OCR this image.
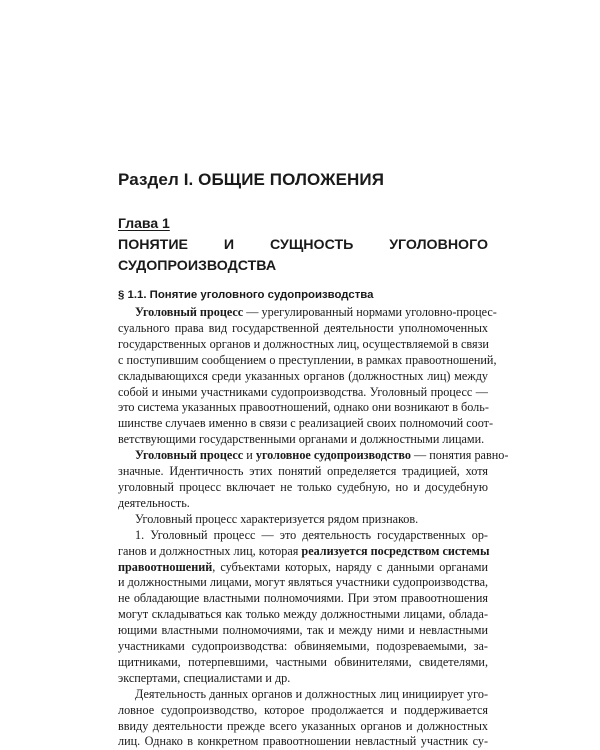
Раздел I. ОБЩИЕ ПОЛОЖЕНИЯ
Глава 1
ПОНЯТИЕ И СУЩНОСТЬ УГОЛОВНОГО
СУДОПРОИЗВОДСТВА
§ 1.1. Понятие уголовного судопроизводства

Уголовный процесс — урегулированный нормами уголовно-процес-
суального права вид государственной деятельности уполномоченных
государственных органов и должностных лиц, осуществляемой в связи
с поступившим сообщением о преступлении, в рамках правоотношений,
складывающихся среди указанных органов (должностных лиц) между
собой и иными участниками судопроизводства. Уголовный процесс —
это система указанных правоотношений, однако они возникают в боль-
шинстве случаев именно в связи с реализацией своих полномочий соот-
ветствующими государственными органами и должностными лицами.

Уголовный процесс и уголовное судопроизводство — понятия равно-
значные. Идентичность этих понятий определяется традицией, хотя
уголовный процесс включает не только судебную, но и досудебную
деятельность.

Уголовный процесс характеризуется рядом признаков.

1. Уголовный процесс — это деятельность государственных ор-
ганов и должностных лиц, которая реализуется посредством системы
правоотношений, субъектами которых, наряду с данными органами
и должностными лицами, могут являться участники судопроизводства,
не обладающие властными полномочиями. При этом правоотношения
могут складываться как только между должностными лицами, облада-
ющими властными полномочиями, так и между ними и невластными
участниками судопроизводства: обвиняемыми, подозреваемыми, за-
щитниками, потерпевшими, частными обвинителями, свидетелями,
экспертами, специалистами и др.

Деятельность данных органов и должностных лиц инициирует уго-
ловное судопроизводство, которое продолжается и поддерживается
ввиду деятельности прежде всего указанных органов и должностных
лиц. Однако в конкретном правоотношении невластный участник су-
